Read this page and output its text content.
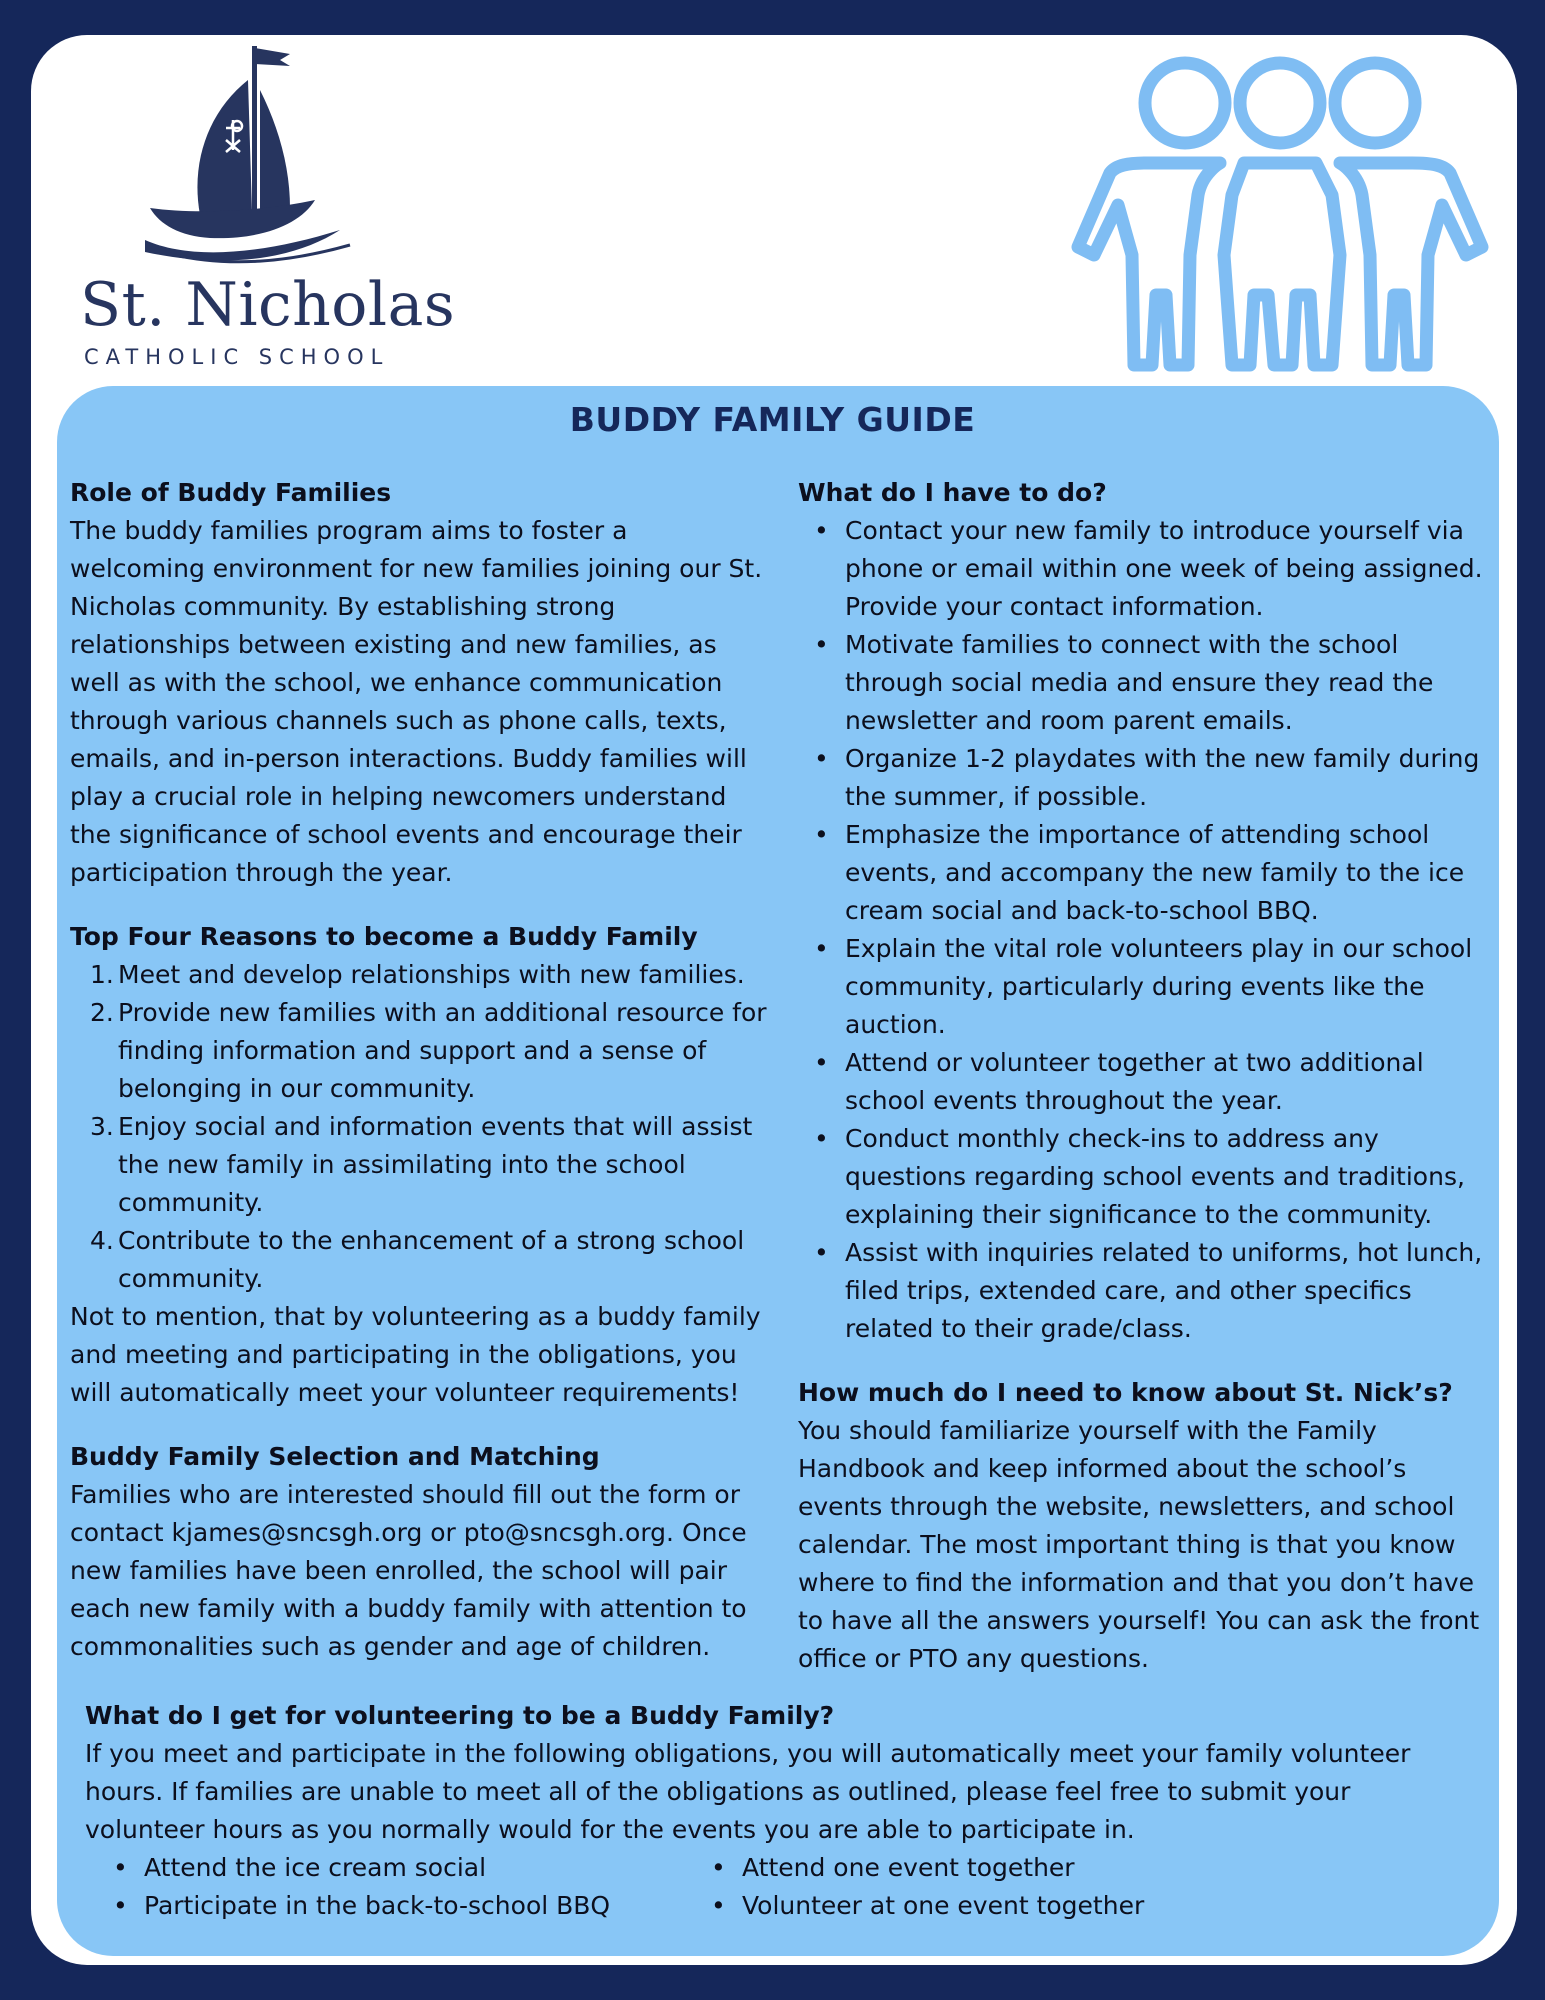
St. Nicholas
CATHOLIC SCHOOL
BUDDY FAMILY GUIDE
Role of Buddy Families

The buddy families program aims to foster a welcoming environment for new families joining our St. Nicholas community. By establishing strong relationships between existing and new families, as well as with the school, we enhance communication through various channels such as phone calls, texts, emails, and in-person interactions. Buddy families will play a crucial role in helping newcomers understand the significance of school events and encourage their participation through the year.

Top Four Reasons to become a Buddy Family
1. Meet and develop relationships with new families.
2. Provide new families with an additional resource for finding information and support and a sense of belonging in our community.
3. Enjoy social and information events that will assist the new family in assimilating into the school community.
4. Contribute to the enhancement of a strong school community.

Not to mention, that by volunteering as a buddy family and meeting and participating in the obligations, you will automatically meet your volunteer requirements!

Buddy Family Selection and Matching

Families who are interested should fill out the form or contact kjames@sncsgh.org or pto@sncsgh.org. Once new families have been enrolled, the school will pair each new family with a buddy family with attention to commonalities such as gender and age of children.

What do I have to do?
• Contact your new family to introduce yourself via phone or email within one week of being assigned. Provide your contact information.
• Motivate families to connect with the school through social media and ensure they read the newsletter and room parent emails.
• Organize 1-2 playdates with the new family during the summer, if possible.
• Emphasize the importance of attending school events, and accompany the new family to the ice cream social and back-to-school BBQ.
• Explain the vital role volunteers play in our school community, particularly during events like the auction.
• Attend or volunteer together at two additional school events throughout the year.
• Conduct monthly check-ins to address any questions regarding school events and traditions, explaining their significance to the community.
• Assist with inquiries related to uniforms, hot lunch, filed trips, extended care, and other specifics related to their grade/class.
How much do I need to know about St. Nick’s?

You should familiarize yourself with the Family Handbook and keep informed about the school’s events through the website, newsletters, and school calendar. The most important thing is that you know where to find the information and that you don’t have to have all the answers yourself! You can ask the front office or PTO any questions.

What do I get for volunteering to be a Buddy Family?

If you meet and participate in the following obligations, you will automatically meet your family volunteer hours. If families are unable to meet all of the obligations as outlined, please feel free to submit your volunteer hours as you normally would for the events you are able to participate in.

• Attend the ice cream social
• Participate in the back-to-school BBQ
• Attend one event together
• Volunteer at one event together
